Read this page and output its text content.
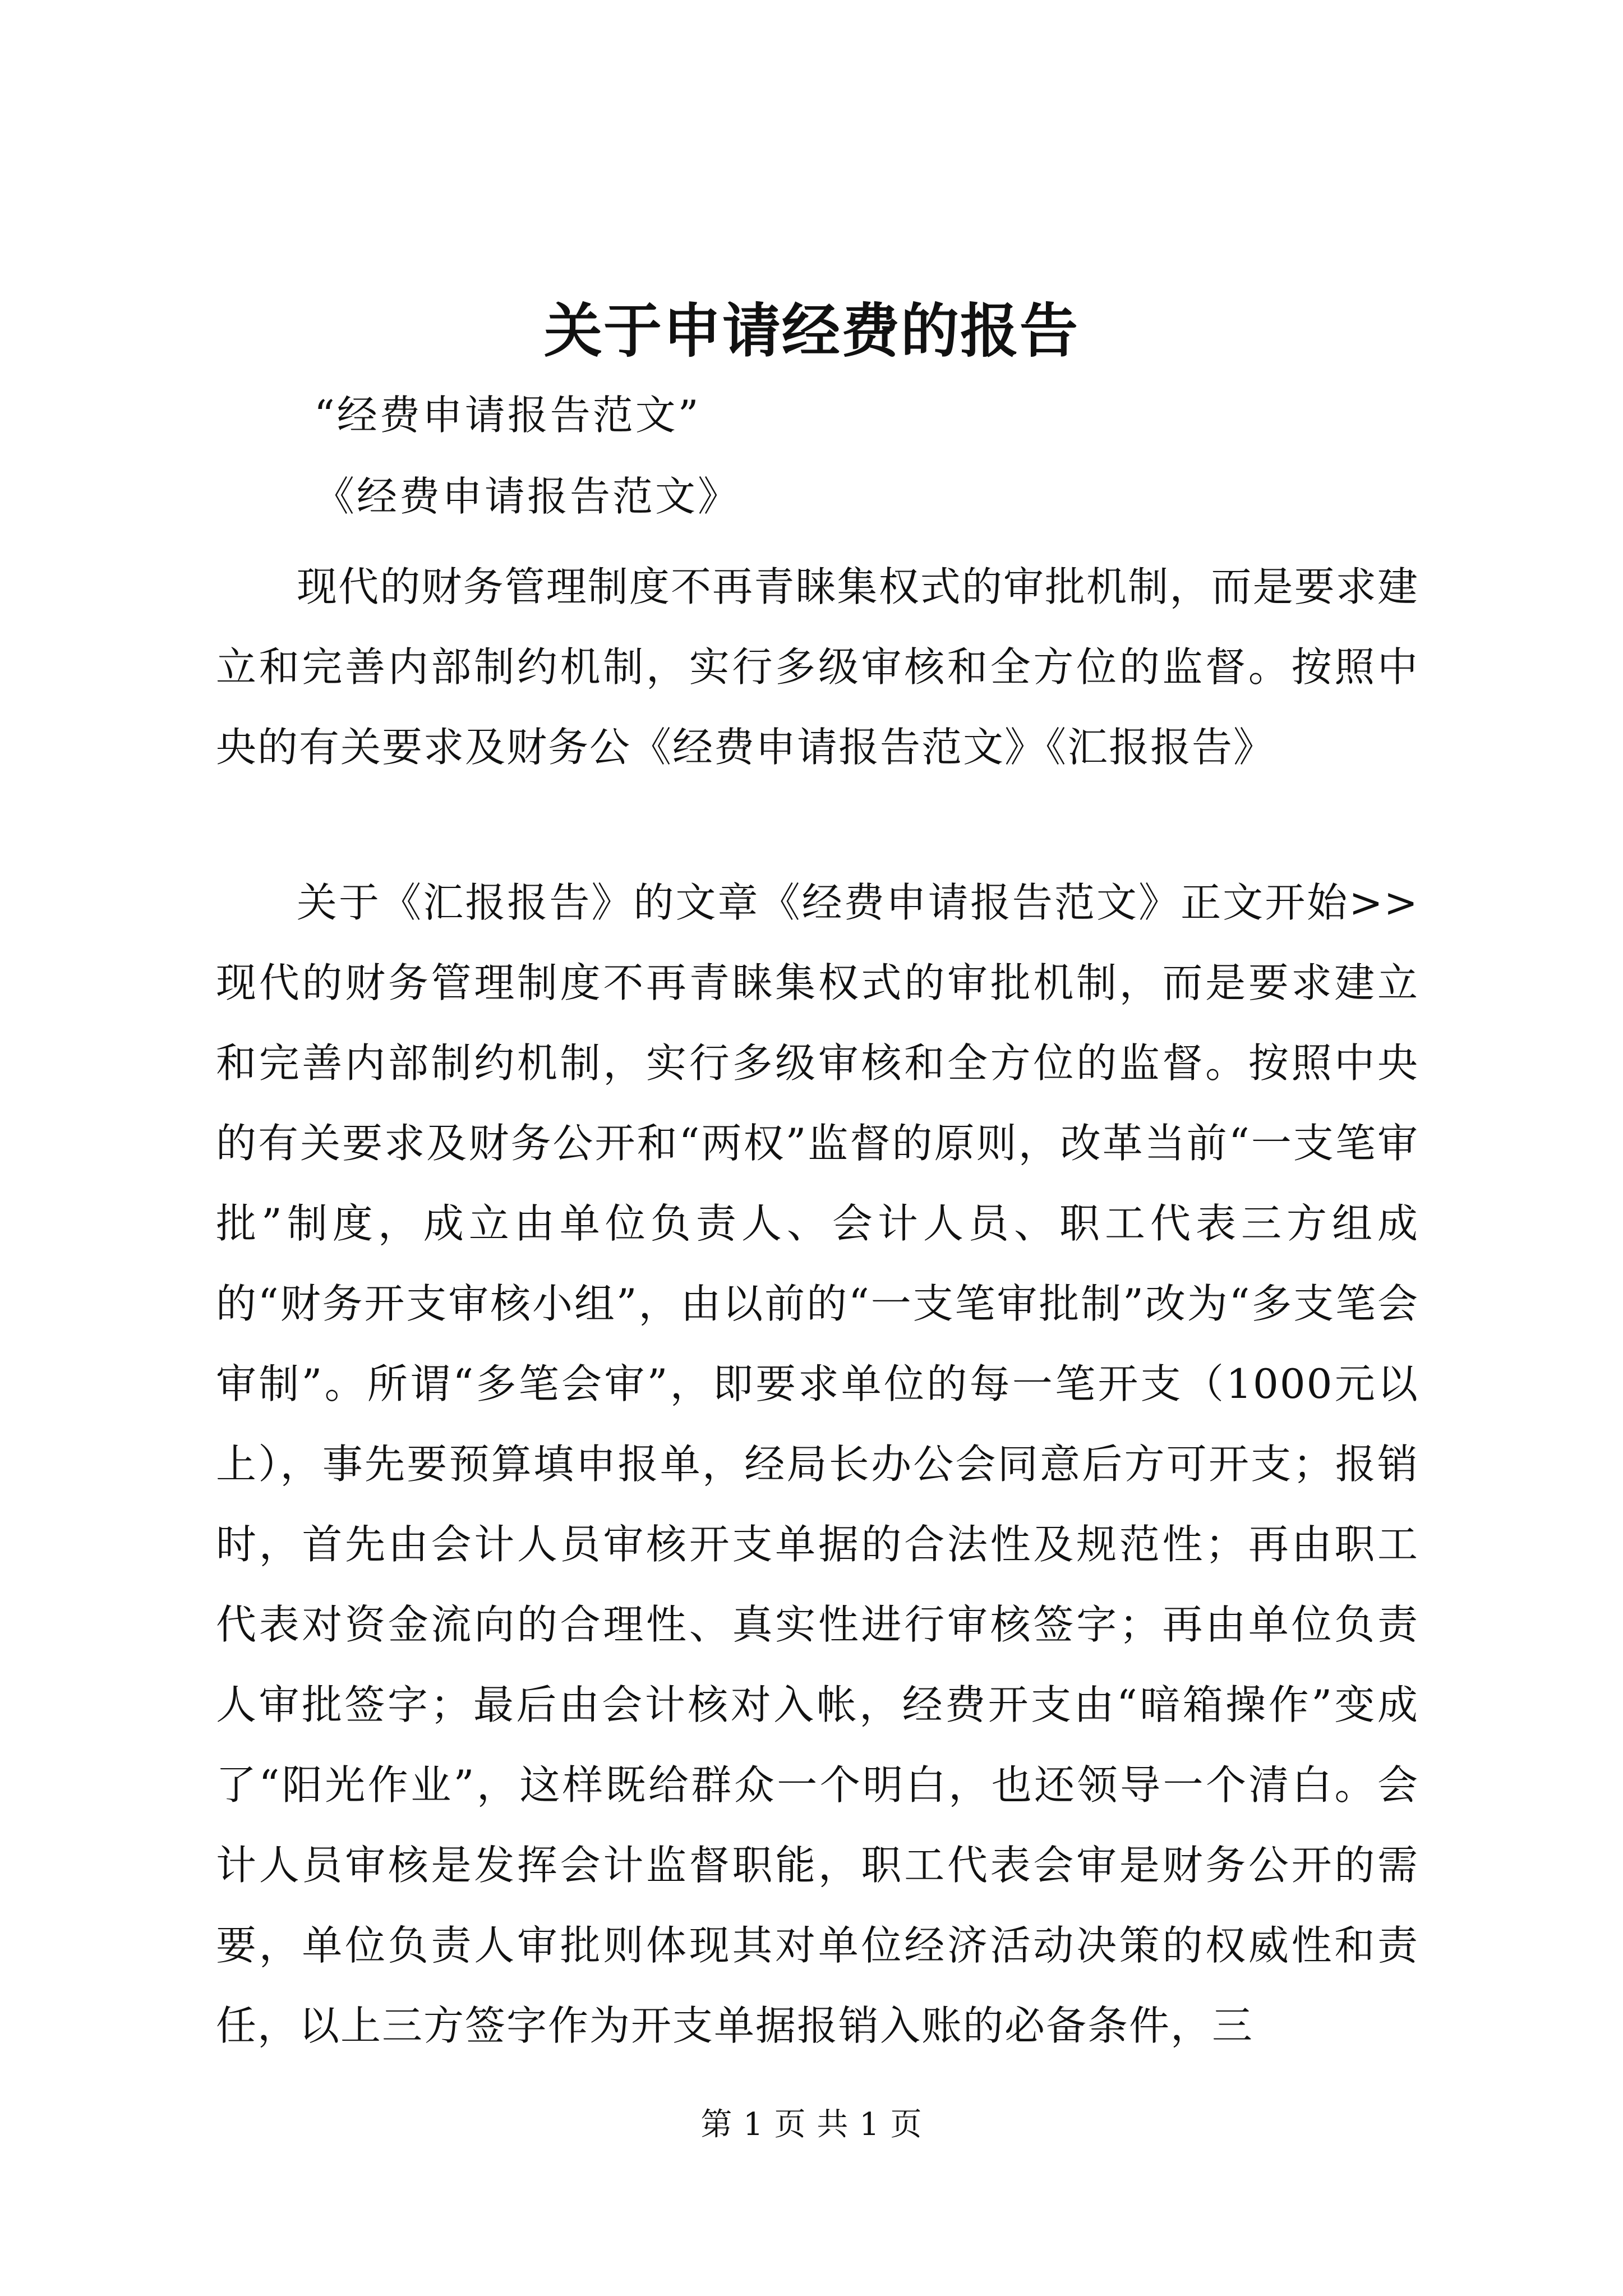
关于申请经费的报告

“经费申请报告范文”

《经费申请报告范文》

现代的财务管理制度不再青睐集权式的审批机制，而是要求建立和完善内部制约机制，实行多级审核和全方位的监督。按照中央的有关要求及财务公《经费申请报告范文》《汇报报告》

关于《汇报报告》的文章《经费申请报告范文》正文开始>>现代的财务管理制度不再青睐集权式的审批机制，而是要求建立和完善内部制约机制，实行多级审核和全方位的监督。按照中央的有关要求及财务公开和“两权”监督的原则，改革当前“一支笔审批”制度，成立由单位负责人、会计人员、职工代表三方组成的“财务开支审核小组”，由以前的“一支笔审批制”改为“多支笔会审制”。所谓“多笔会审”，即要求单位的每一笔开支（1000元以上），事先要预算填申报单，经局长办公会同意后方可开支；报销时，首先由会计人员审核开支单据的合法性及规范性；再由职工代表对资金流向的合理性、真实性进行审核签字；再由单位负责人审批签字；最后由会计核对入帐，经费开支由“暗箱操作”变成了“阳光作业”，这样既给群众一个明白，也还领导一个清白。会计人员审核是发挥会计监督职能，职工代表会审是财务公开的需要，单位负责人审批则体现其对单位经济活动决策的权威性和责任，以上三方签字作为开支单据报销入账的必备条件，三

第 1 页 共 1 页
